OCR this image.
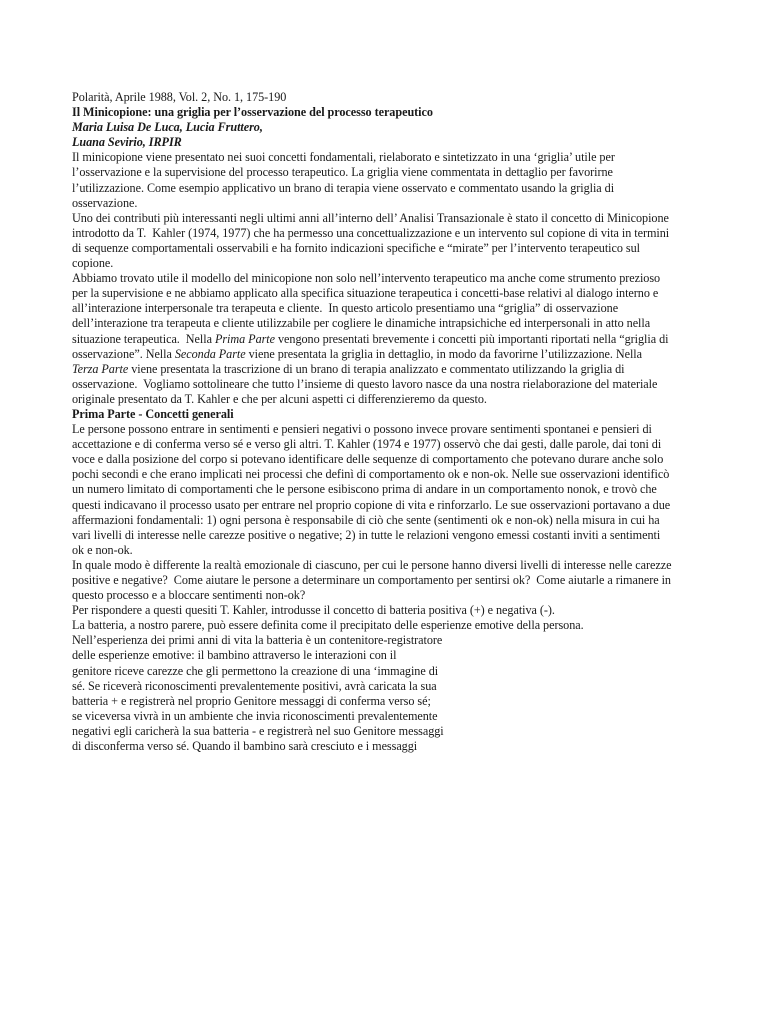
Polarità, Aprile 1988, Vol. 2, No. 1, 175-190
Il Minicopione: una griglia per l’osservazione del processo terapeutico
Maria Luisa De Luca, Lucia Fruttero,
Luana Sevirio, IRPIR
Il minicopione viene presentato nei suoi concetti fondamentali, rielaborato e sintetizzato in una ‘griglia’ utile per
l’osservazione e la supervisione del processo terapeutico. La griglia viene commentata in dettaglio per favorirne
l’utilizzazione. Come esempio applicativo un brano di terapia viene osservato e commentato usando la griglia di
osservazione.
Uno dei contributi più interessanti negli ultimi anni all’interno dell’ Analisi Transazionale è stato il concetto di Minicopione
introdotto da T.  Kahler (1974, 1977) che ha permesso una concettualizzazione e un intervento sul copione di vita in termini
di sequenze comportamentali osservabili e ha fornito indicazioni specifiche e “mirate” per l’intervento terapeutico sul
copione.
Abbiamo trovato utile il modello del minicopione non solo nell’intervento terapeutico ma anche come strumento prezioso
per la supervisione e ne abbiamo applicato alla specifica situazione terapeutica i concetti-base relativi al dialogo interno e
all’interazione interpersonale tra terapeuta e cliente.  In questo articolo presentiamo una “griglia” di osservazione
dell’interazione tra terapeuta e cliente utilizzabile per cogliere le dinamiche intrapsichiche ed interpersonali in atto nella
situazione terapeutica.  Nella Prima Parte vengono presentati brevemente i concetti più importanti riportati nella “griglia di
osservazione”. Nella Seconda Parte viene presentata la griglia in dettaglio, in modo da favorirne l’utilizzazione. Nella
Terza Parte viene presentata la trascrizione di un brano di terapia analizzato e commentato utilizzando la griglia di
osservazione.  Vogliamo sottolineare che tutto l’insieme di questo lavoro nasce da una nostra rielaborazione del materiale
originale presentato da T. Kahler e che per alcuni aspetti ci differenzieremo da questo.
Prima Parte - Concetti generali
Le persone possono entrare in sentimenti e pensieri negativi o possono invece provare sentimenti spontanei e pensieri di
accettazione e di conferma verso sé e verso gli altri. T. Kahler (1974 e 1977) osservò che dai gesti, dalle parole, dai toni di
voce e dalla posizione del corpo si potevano identificare delle sequenze di comportamento che potevano durare anche solo
pochi secondi e che erano implicati nei processi che definì di comportamento ok e non-ok. Nelle sue osservazioni identificò
un numero limitato di comportamenti che le persone esibiscono prima di andare in un comportamento nonok, e trovò che
questi indicavano il processo usato per entrare nel proprio copione di vita e rinforzarlo. Le sue osservazioni portavano a due
affermazioni fondamentali: 1) ogni persona è responsabile di ciò che sente (sentimenti ok e non-ok) nella misura in cui ha
vari livelli di interesse nelle carezze positive o negative; 2) in tutte le relazioni vengono emessi costanti inviti a sentimenti
ok e non-ok.
In quale modo è differente la realtà emozionale di ciascuno, per cui le persone hanno diversi livelli di interesse nelle carezze
positive e negative?  Come aiutare le persone a determinare un comportamento per sentirsi ok?  Come aiutarle a rimanere in
questo processo e a bloccare sentimenti non-ok?
Per rispondere a questi quesiti T. Kahler, introdusse il concetto di batteria positiva (+) e negativa (-).
La batteria, a nostro parere, può essere definita come il precipitato delle esperienze emotive della persona.
Nell’esperienza dei primi anni di vita la batteria è un contenitore-registratore
delle esperienze emotive: il bambino attraverso le interazioni con il
genitore riceve carezze che gli permettono la creazione di una ‘immagine di
sé. Se riceverà riconoscimenti prevalentemente positivi, avrà caricata la sua
batteria + e registrerà nel proprio Genitore messaggi di conferma verso sé;
se viceversa vivrà in un ambiente che invia riconoscimenti prevalentemente
negativi egli caricherà la sua batteria - e registrerà nel suo Genitore messaggi
di disconferma verso sé. Quando il bambino sarà cresciuto e i messaggi
